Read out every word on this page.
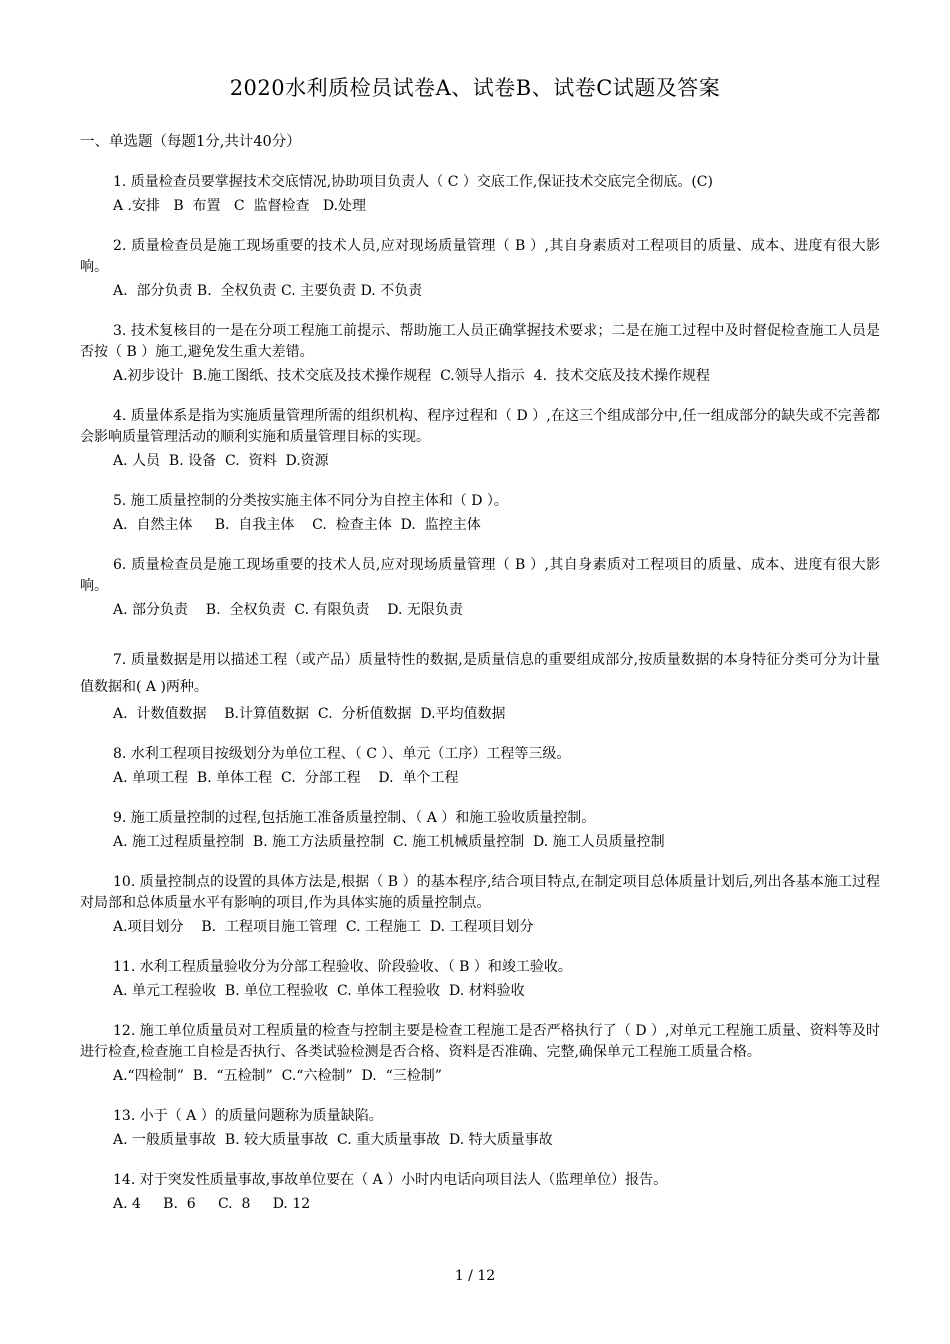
2020水利质检员试卷A、试卷B、试卷C试题及答案
一、单选题（每题1分,共计40分）

1. 质量检查员要掌握技术交底情况,协助项目负责人（ C ）交底工作,保证技术交底完全彻底。(C)

A .安排   B  布置   C  监督检查   D.处理

2. 质量检查员是施工现场重要的技术人员,应对现场质量管理（ B ）,其自身素质对工程项目的质量、成本、进度有很大影响。

A.  部分负责 B.  全权负责 C. 主要负责 D. 不负责

3. 技术复核目的一是在分项工程施工前提示、帮助施工人员正确掌握技术要求；二是在施工过程中及时督促检查施工人员是否按（ B ）施工,避免发生重大差错。

A.初步设计  B.施工图纸、技术交底及技术操作规程  C.领导人指示  4.  技术交底及技术操作规程

4. 质量体系是指为实施质量管理所需的组织机构、程序过程和（ D ）,在这三个组成部分中,任一组成部分的缺失或不完善都会影响质量管理活动的顺利实施和质量管理目标的实现。

A. 人员  B. 设备  C.  资料  D.资源

5. 施工质量控制的分类按实施主体不同分为自控主体和（ D ）。

A.  自然主体     B.  自我主体    C.  检查主体  D.  监控主体

6. 质量检查员是施工现场重要的技术人员,应对现场质量管理（ B ）,其自身素质对工程项目的质量、成本、进度有很大影响。

A. 部分负责    B.  全权负责  C. 有限负责    D. 无限负责

7. 质量数据是用以描述工程（或产品）质量特性的数据,是质量信息的重要组成部分,按质量数据的本身特征分类可分为计量值数据和( A )两种。

A.  计数值数据    B.计算值数据  C.  分析值数据  D.平均值数据

8. 水利工程项目按级划分为单位工程、（ C ）、单元（工序）工程等三级。

A. 单项工程  B. 单体工程  C.  分部工程    D.  单个工程

9. 施工质量控制的过程,包括施工准备质量控制、（ A ）和施工验收质量控制。

A. 施工过程质量控制  B. 施工方法质量控制  C. 施工机械质量控制  D. 施工人员质量控制

10. 质量控制点的设置的具体方法是,根据（ B ）的基本程序,结合项目特点,在制定项目总体质量计划后,列出各基本施工过程对局部和总体质量水平有影响的项目,作为具体实施的质量控制点。

A.项目划分    B.  工程项目施工管理  C. 工程施工  D. 工程项目划分

11. 水利工程质量验收分为分部工程验收、阶段验收、（ B ）和竣工验收。

A. 单元工程验收  B. 单位工程验收  C. 单体工程验收  D. 材料验收

12. 施工单位质量员对工程质量的检查与控制主要是检查工程施工是否严格执行了（ D ）,对单元工程施工质量、资料等及时进行检查,检查施工自检是否执行、各类试验检测是否合格、资料是否准确、完整,确保单元工程施工质量合格。

A.“四检制”  B.  “五检制”  C.“六检制”  D.  “三检制”

13. 小于（ A ）的质量问题称为质量缺陷。

A. 一般质量事故  B. 较大质量事故  C. 重大质量事故  D. 特大质量事故

14. 对于突发性质量事故,事故单位要在（ A ）小时内电话向项目法人（监理单位）报告。

A. 4     B.  6     C.  8     D. 12

1 / 12
